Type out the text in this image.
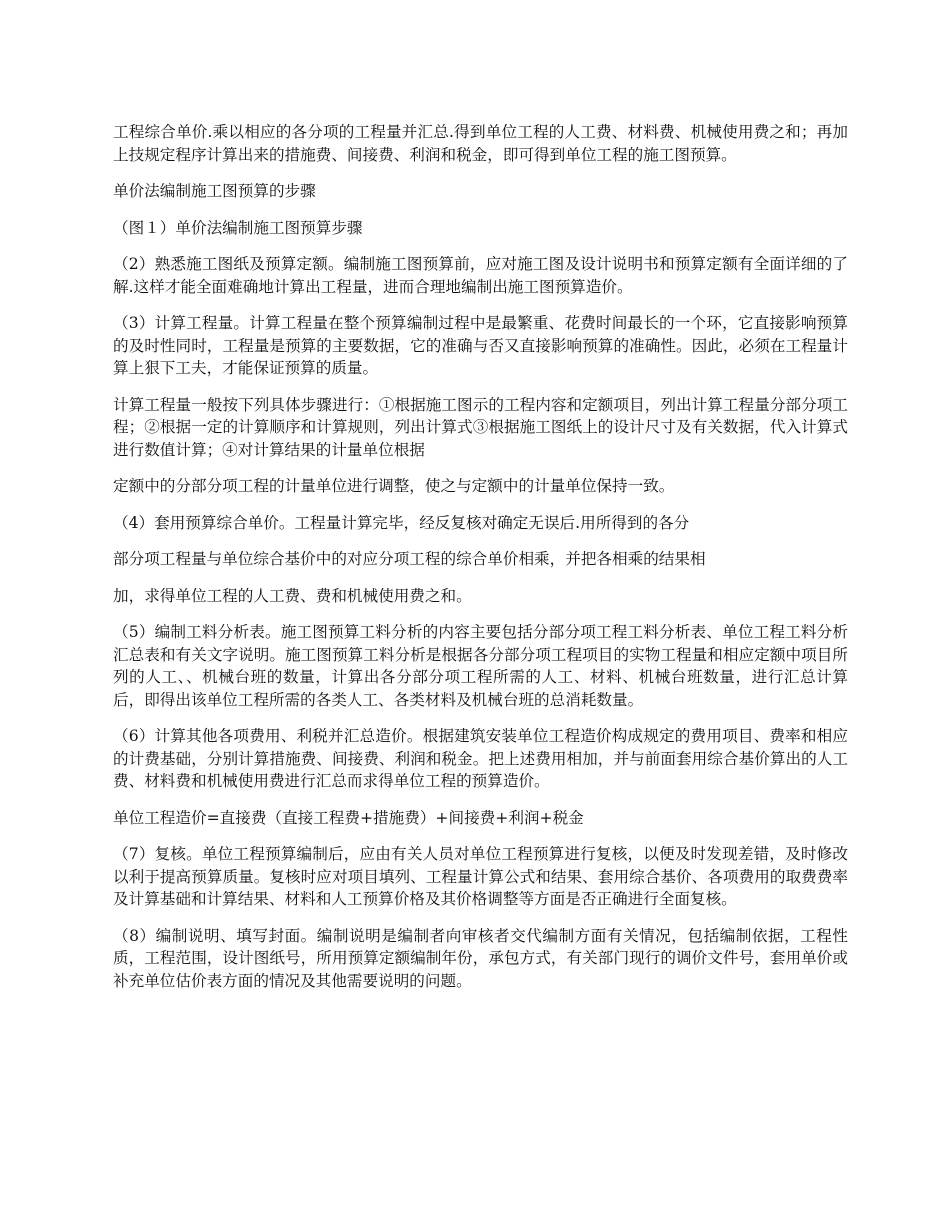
工程综合单价.乘以相应的各分项的工程量并汇总.得到单位工程的人工费、材料费、机械使用费之和；再加上技规定程序计算出来的措施费、间接费、利润和税金，即可得到单位工程的施工图预算。

单价法编制施工图预算的步骤

（图１）单价法编制施工图预算步骤

（2）熟悉施工图纸及预算定额。编制施工图预算前，应对施工图及设计说明书和预算定额有全面详细的了解.这样才能全面难确地计算出工程量，进而合理地编制出施工图预算造价。

（3）计算工程量。计算工程量在整个预算编制过程中是最繁重、花费时间最长的一个环，它直接影响预算的及时性同时，工程量是预算的主要数据，它的准确与否又直接影响预算的准确性。因此，必须在工程量计算上狠下工夫，才能保证预算的质量。

计算工程量一般按下列具体步骤进行：①根据施工图示的工程内容和定额项目，列出计算工程量分部分项工程；②根据一定的计算顺序和计算规则，列出计算式③根据施工图纸上的设计尺寸及有关数据，代入计算式进行数值计算；④对计算结果的计量单位根据

定额中的分部分项工程的计量单位进行调整，使之与定额中的计量单位保持一致。

（4）套用预算综合单价。工程量计算完毕，经反复核对确定无误后.用所得到的各分

部分项工程量与单位综合基价中的对应分项工程的综合单价相乘，并把各相乘的结果相

加，求得单位工程的人工费、费和机械使用费之和。

（5）编制工料分析表。施工图预算工料分析的内容主要包括分部分项工程工料分析表、单位工程工料分析汇总表和有关文字说明。施工图预算工料分析是根据各分部分项工程项目的实物工程量和相应定额中项目所列的人工、、机械台班的数量，计算出各分部分项工程所需的人工、材料、机械台班数量，进行汇总计算后，即得出该单位工程所需的各类人工、各类材料及机械台班的总消耗数量。

（6）计算其他各项费用、利税并汇总造价。根据建筑安装单位工程造价构成规定的费用项目、费率和相应的计费基础，分别计算措施费、间接费、利润和税金。把上述费用相加，并与前面套用综合基价算出的人工费、材料费和机械使用费进行汇总而求得单位工程的预算造价。

单位工程造价=直接费（直接工程费+措施费）+间接费+利润+税金

（7）复核。单位工程预算编制后，应由有关人员对单位工程预算进行复核，以便及时发现差错，及时修改以利于提高预算质量。复核时应对项目填列、工程量计算公式和结果、套用综合基价、各项费用的取费费率及计算基础和计算结果、材料和人工预算价格及其价格调整等方面是否正确进行全面复核。

（8）编制说明、填写封面。编制说明是编制者向审核者交代编制方面有关情况，包括编制依据，工程性质，工程范围，设计图纸号，所用预算定额编制年份，承包方式，有关部门现行的调价文件号，套用单价或补充单位估价表方面的情况及其他需要说明的问题。
